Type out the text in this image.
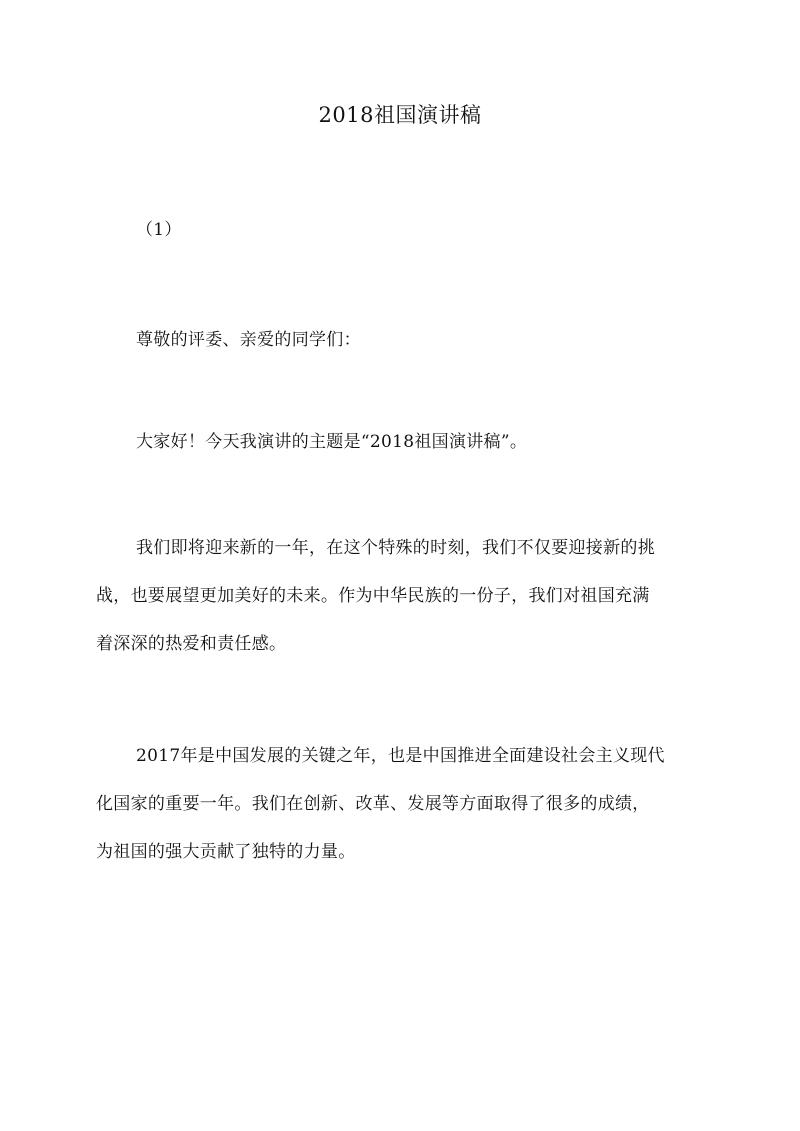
2018祖国演讲稿
（1）
尊敬的评委、亲爱的同学们：
大家好！今天我演讲的主题是“2018祖国演讲稿”。
我们即将迎来新的一年，在这个特殊的时刻，我们不仅要迎接新的挑
战，也要展望更加美好的未来。作为中华民族的一份子，我们对祖国充满
着深深的热爱和责任感。
2017年是中国发展的关键之年，也是中国推进全面建设社会主义现代
化国家的重要一年。我们在创新、改革、发展等方面取得了很多的成绩，
为祖国的强大贡献了独特的力量。
